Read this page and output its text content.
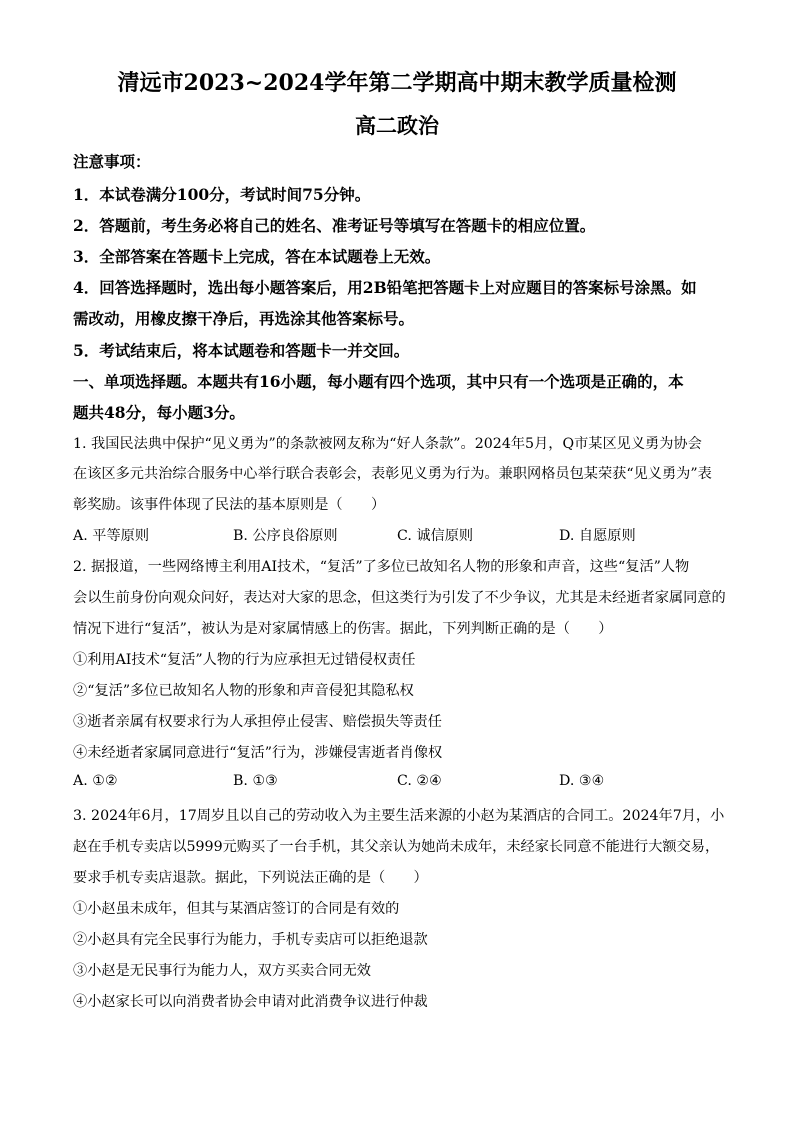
清远市2023~2024学年第二学期高中期末教学质量检测
高二政治
注意事项：
1．本试卷满分100分，考试时间75分钟。
2．答题前，考生务必将自己的姓名、准考证号等填写在答题卡的相应位置。
3．全部答案在答题卡上完成，答在本试题卷上无效。
4．回答选择题时，选出每小题答案后，用2B铅笔把答题卡上对应题目的答案标号涂黑。如
需改动，用橡皮擦干净后，再选涂其他答案标号。
5．考试结束后，将本试题卷和答题卡一并交回。
一、单项选择题。本题共有16小题，每小题有四个选项，其中只有一个选项是正确的，本
题共48分，每小题3分。
1. 我国民法典中保护“见义勇为”的条款被网友称为“好人条款”。2024年5月，Q市某区见义勇为协会
在该区多元共治综合服务中心举行联合表彰会，表彰见义勇为行为。兼职网格员包某荣获“见义勇为”表
彰奖励。该事件体现了民法的基本原则是（　　）
A. 平等原则	B. 公序良俗原则	C. 诚信原则	D. 自愿原则
2. 据报道，一些网络博主利用AI技术，“复活”了多位已故知名人物的形象和声音，这些“复活”人物
会以生前身份向观众问好，表达对大家的思念，但这类行为引发了不少争议，尤其是未经逝者家属同意的
情况下进行“复活”，被认为是对家属情感上的伤害。据此，下列判断正确的是（　　）
①利用AI技术“复活”人物的行为应承担无过错侵权责任
②“复活”多位已故知名人物的形象和声音侵犯其隐私权
③逝者亲属有权要求行为人承担停止侵害、赔偿损失等责任
④未经逝者家属同意进行“复活”行为，涉嫌侵害逝者肖像权
A. ①②	B. ①③	C. ②④	D. ③④
3. 2024年6月，17周岁且以自己的劳动收入为主要生活来源的小赵为某酒店的合同工。2024年7月，小
赵在手机专卖店以5999元购买了一台手机，其父亲认为她尚未成年，未经家长同意不能进行大额交易，
要求手机专卖店退款。据此，下列说法正确的是（　　）
①小赵虽未成年，但其与某酒店签订的合同是有效的
②小赵具有完全民事行为能力，手机专卖店可以拒绝退款
③小赵是无民事行为能力人，双方买卖合同无效
④小赵家长可以向消费者协会申请对此消费争议进行仲裁
